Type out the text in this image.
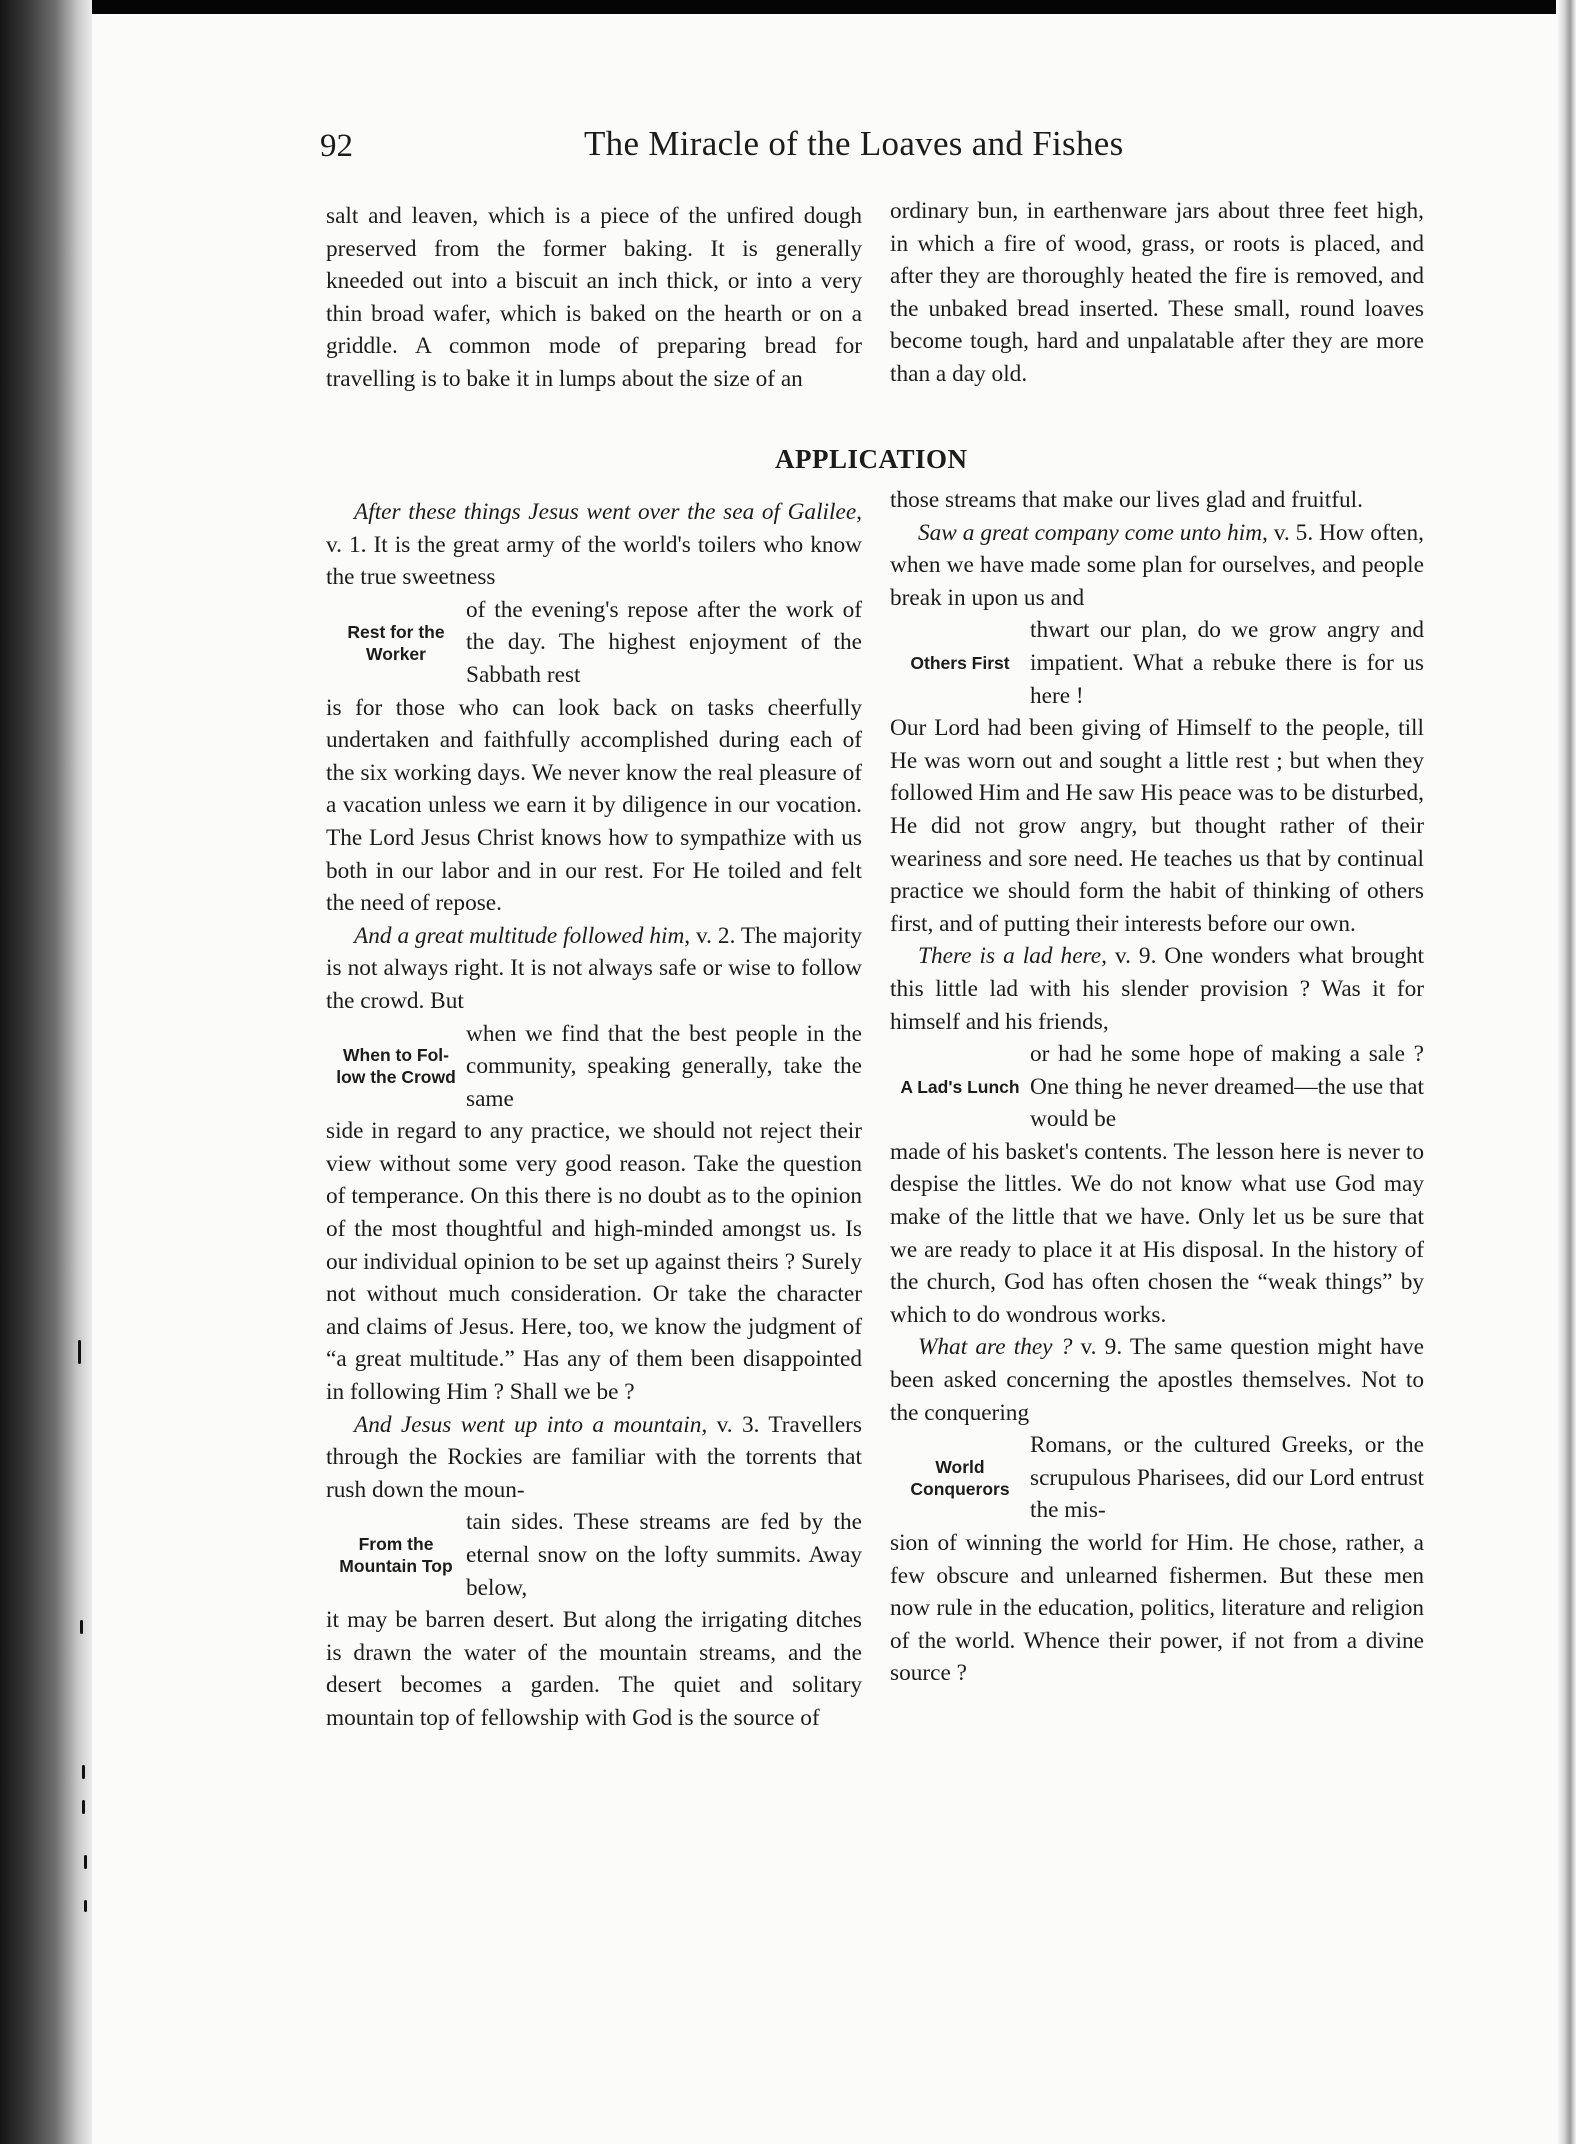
92	The Miracle of the Loaves and Fishes

salt and leaven, which is a piece of the unfired dough preserved from the former baking. It is generally kneeded out into a biscuit an inch thick, or into a very thin broad wafer, which is baked on the hearth or on a griddle. A common mode of preparing bread for travelling is to bake it in lumps about the size of an

ordinary bun, in earthenware jars about three feet high, in which a fire of wood, grass, or roots is placed, and after they are thoroughly heated the fire is removed, and the unbaked bread inserted. These small, round loaves become tough, hard and unpalatable after they are more than a day old.

APPLICATION

After these things Jesus went over the sea of Galilee, v. 1. It is the great army of the world's toilers who know the true sweetness

Rest for the
Worker

of the evening's repose after the work of the day. The highest enjoyment of the Sabbath rest

is for those who can look back on tasks cheerfully undertaken and faithfully accomplished during each of the six working days. We never know the real pleasure of a vacation unless we earn it by diligence in our vocation. The Lord Jesus Christ knows how to sympathize with us both in our labor and in our rest. For He toiled and felt the need of repose.

And a great multitude followed him, v. 2. The majority is not always right. It is not always safe or wise to follow the crowd. But

When to Fol-
low the Crowd

when we find that the best people in the community, speaking generally, take the same

side in regard to any practice, we should not reject their view without some very good reason. Take the question of temperance. On this there is no doubt as to the opinion of the most thoughtful and high-minded amongst us. Is our individual opinion to be set up against theirs ? Surely not without much consideration. Or take the character and claims of Jesus. Here, too, we know the judgment of “a great multitude.” Has any of them been disappointed in following Him ? Shall we be ?

And Jesus went up into a mountain, v. 3. Travellers through the Rockies are familiar with the torrents that rush down the moun-

From the
Mountain Top

tain sides. These streams are fed by the eternal snow on the lofty summits. Away below,

it may be barren desert. But along the irrigating ditches is drawn the water of the mountain streams, and the desert becomes a garden. The quiet and solitary mountain top of fellowship with God is the source of

those streams that make our lives glad and fruitful.

Saw a great company come unto him, v. 5. How often, when we have made some plan for ourselves, and people break in upon us and

Others First

thwart our plan, do we grow angry and impatient. What a rebuke there is for us here !

Our Lord had been giving of Himself to the people, till He was worn out and sought a little rest ; but when they followed Him and He saw His peace was to be disturbed, He did not grow angry, but thought rather of their weariness and sore need. He teaches us that by continual practice we should form the habit of thinking of others first, and of putting their interests before our own.

There is a lad here, v. 9. One wonders what brought this little lad with his slender provision ? Was it for himself and his friends,

A Lad's Lunch

or had he some hope of making a sale ? One thing he never dreamed—the use that would be

made of his basket's contents. The lesson here is never to despise the littles. We do not know what use God may make of the little that we have. Only let us be sure that we are ready to place it at His disposal. In the history of the church, God has often chosen the “weak things” by which to do wondrous works.

What are they ? v. 9. The same question might have been asked concerning the apostles themselves. Not to the conquering

World
Conquerors

Romans, or the cultured Greeks, or the scrupulous Pharisees, did our Lord entrust the mis-

sion of winning the world for Him. He chose, rather, a few obscure and unlearned fishermen. But these men now rule in the education, politics, literature and religion of the world. Whence their power, if not from a divine source ?
